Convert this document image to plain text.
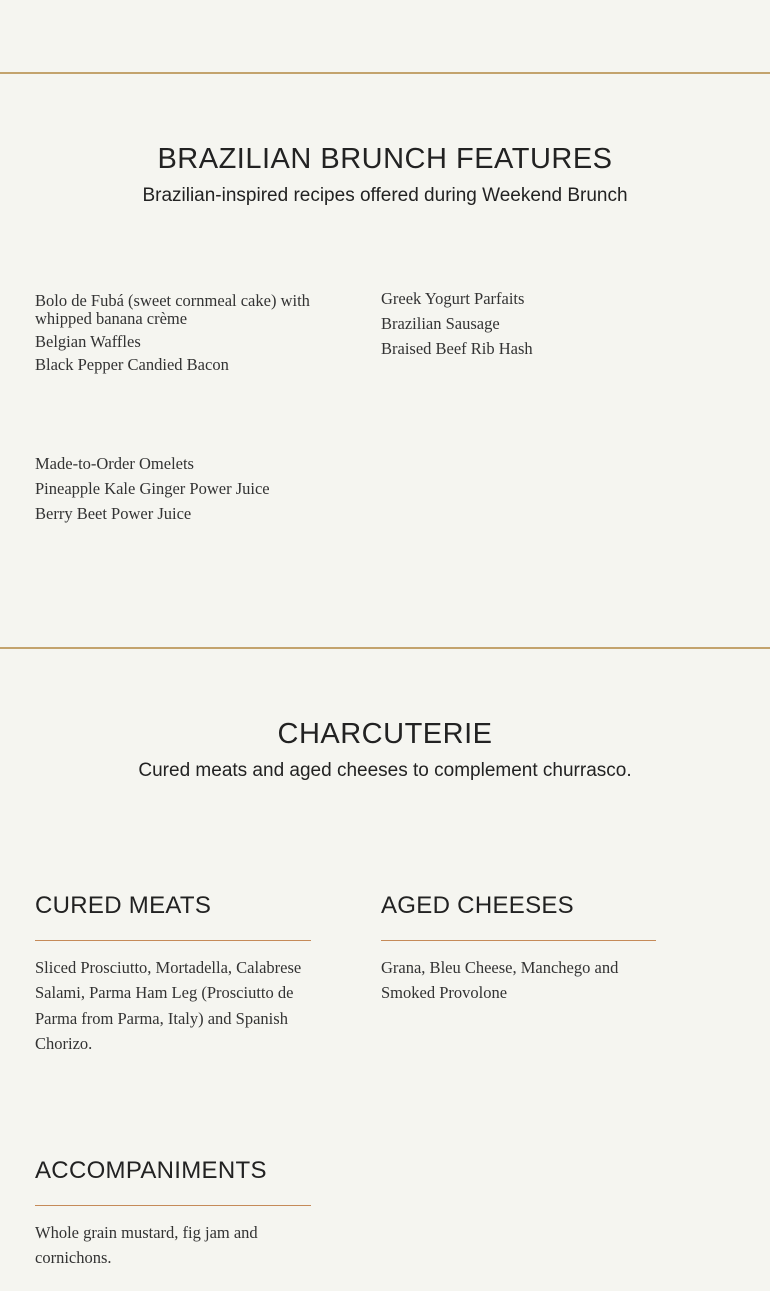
BRAZILIAN BRUNCH FEATURES

Brazilian-inspired recipes offered during Weekend Brunch

Bolo de Fubá (sweet cornmeal cake) with whipped banana crème
Belgian Waffles
Black Pepper Candied Bacon
Greek Yogurt Parfaits
Brazilian Sausage
Braised Beef Rib Hash
Made-to-Order Omelets
Pineapple Kale Ginger Power Juice
Berry Beet Power Juice
CHARCUTERIE

Cured meats and aged cheeses to complement churrasco.

CURED MEATS

Sliced Prosciutto, Mortadella, Calabrese Salami, Parma Ham Leg (Prosciutto de Parma from Parma, Italy) and Spanish Chorizo.

AGED CHEESES

Grana, Bleu Cheese, Manchego and Smoked Provolone

ACCOMPANIMENTS

Whole grain mustard, fig jam and cornichons.
